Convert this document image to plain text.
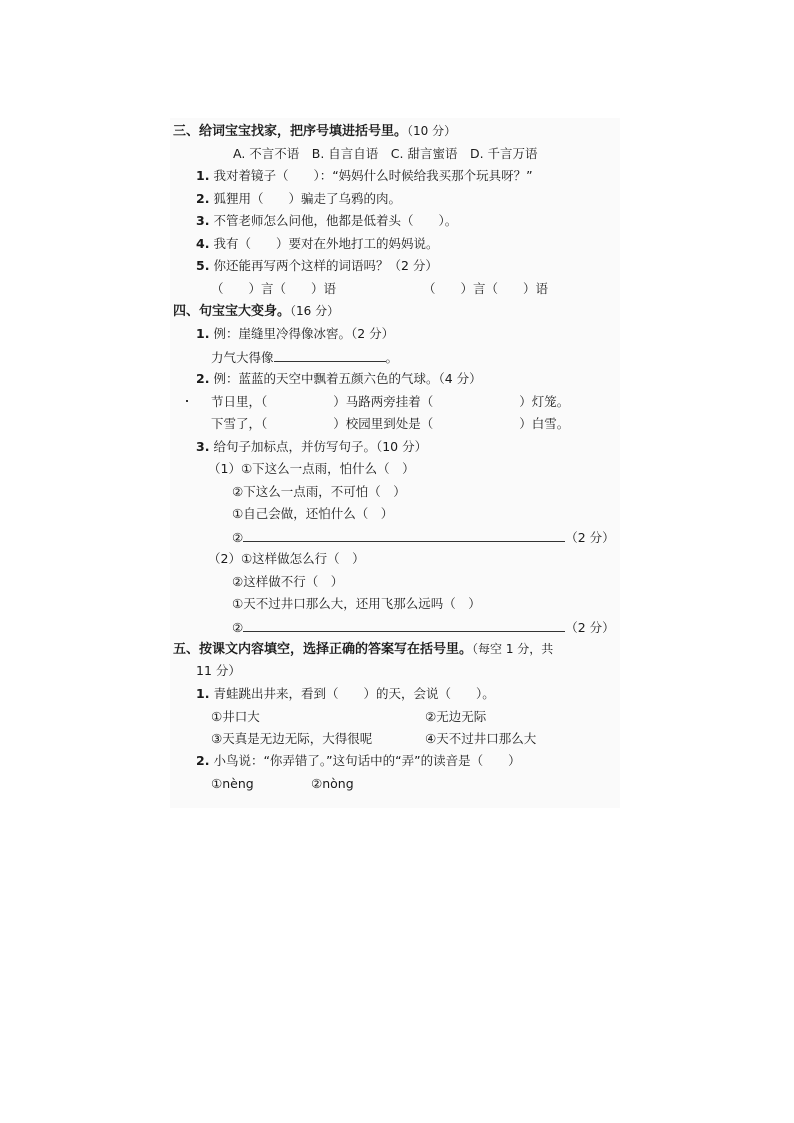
三、给词宝宝找家，把序号填进括号里。（10 分）
A. 不言不语　B. 自言自语　C. 甜言蜜语　D. 千言万语
1. 我对着镜子（　　）：“妈妈什么时候给我买那个玩具呀？”
2. 狐狸用（　　）骗走了乌鸦的肉。
3. 不管老师怎么问他，他都是低着头（　　）。
4. 我有（　　）要对在外地打工的妈妈说。
5. 你还能再写两个这样的词语吗？（2 分）
（　　）言（　　）语	（　　）言（　　）语
四、句宝宝大变身。（16 分）
1. 例：崖缝里冷得像冰窖。（2 分）
力气大得像	。
2. 例：蓝蓝的天空中飘着五颜六色的气球。（4 分）
节日里，（	）马路两旁挂着（	）灯笼。
下雪了，（	）校园里到处是（	）白雪。
3. 给句子加标点，并仿写句子。（10 分）
（1）①下这么一点雨，怕什么（　）
②下这么一点雨，不可怕（　）
①自己会做，还怕什么（　）
②	（2 分）
（2）①这样做怎么行（　）
②这样做不行（　）
①天不过井口那么大，还用飞那么远吗（　）
②	（2 分）
五、按课文内容填空，选择正确的答案写在括号里。（每空 1 分，共
11 分）
1. 青蛙跳出井来，看到（　　）的天，会说（　　）。
①井口大	②无边无际
③天真是无边无际，大得很呢	④天不过井口那么大
2. 小鸟说：“你弄错了。”这句话中的“弄”的读音是（　　）
①nèng	②nòng
